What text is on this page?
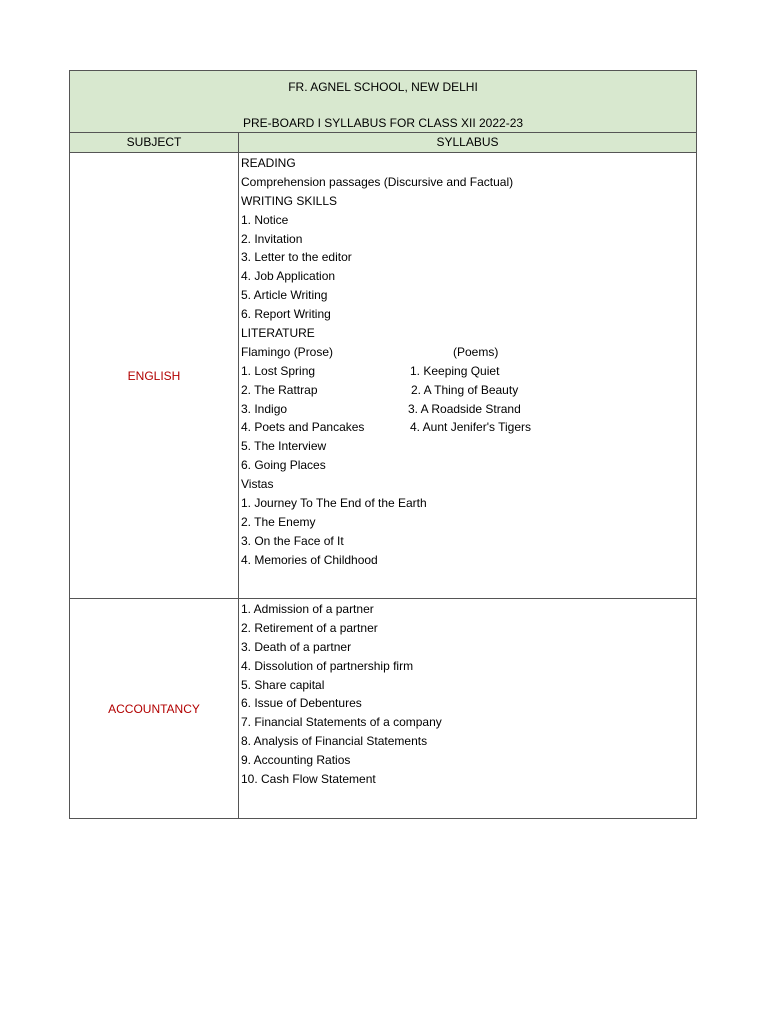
FR. AGNEL SCHOOL, NEW DELHI
PRE-BOARD I SYLLABUS FOR CLASS XII 2022-23
SUBJECT	SYLLABUS
ENGLISH
READING
Comprehension passages (Discursive and Factual)
WRITING SKILLS
1. Notice
2. Invitation
3. Letter to the editor
4. Job Application
5. Article Writing
6. Report Writing
LITERATURE
Flamingo (Prose)	(Poems)
1. Lost Spring	1. Keeping Quiet
2. The Rattrap	2. A Thing of Beauty
3. Indigo	3. A Roadside Strand
4. Poets and Pancakes	4. Aunt Jenifer's Tigers
5. The Interview
6. Going Places
Vistas
1. Journey To The End of the Earth
2. The Enemy
3. On the Face of It
4. Memories of Childhood
ACCOUNTANCY
1. Admission of a partner
2. Retirement of a partner
3. Death of a partner
4. Dissolution of partnership firm
5. Share capital
6. Issue of Debentures
7. Financial Statements of a company
8. Analysis of Financial Statements
9. Accounting Ratios
10. Cash Flow Statement
